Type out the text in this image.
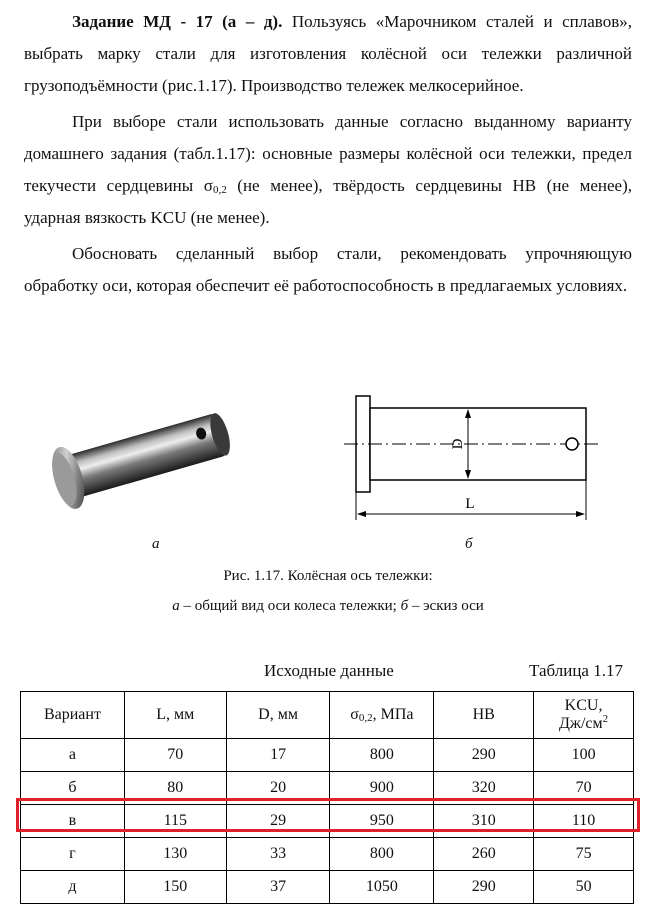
Задание МД - 17 (а – д). Пользуясь «Марочником сталей и сплавов», выбрать марку стали для изготовления колёсной оси тележки различной грузоподъёмности (рис.1.17). Производство тележек мелкосерийное.

При выборе стали использовать данные согласно выданному варианту домашнего задания (табл.1.17): основные размеры колёсной оси тележки, предел текучести сердцевины $\sigma_{0,2}$ (не менее), твёрдость сердцевины HB (не менее), ударная вязкость KCU (не менее).

Обосновать сделанный выбор стали, рекомендовать упрочняющую обработку оси, которая обеспечит её работоспособность в предлагаемых условиях.

D
L
а	б
Рис. 1.17. Колёсная ось тележки:
а – общий вид оси колеса тележки; б – эскиз оси
Исходные данные	Таблица 1.17
Вариант	L, мм	D, мм	$\sigma_{0,2}$, МПа	HB	KCU,
$Дж/см^2$
а	70	17	800	290	100
б	80	20	900	320	70
в	115	29	950	310	110
г	130	33	800	260	75
д	150	37	1050	290	50
